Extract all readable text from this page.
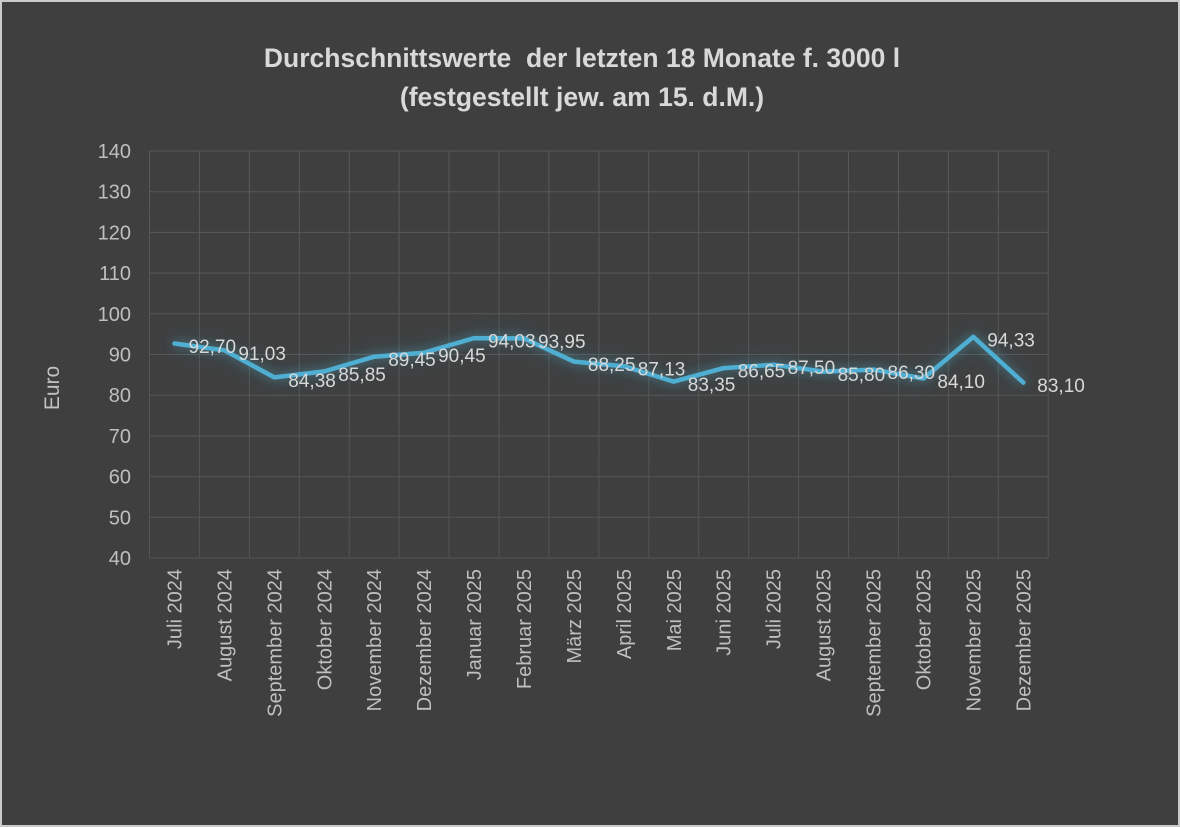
Durchschnittswerte  der letzten 18 Monate f. 3000 l
(festgestellt jew. am 15. d.M.)
Euro
40
50
60
70
80
90
100
110
120
130
140
Juli 2024 August 2024 September 2024 Oktober 2024 November 2024 Dezember 2024 Januar 2025 Februar 2025 März 2025 April 2025 Mai 2025 Juni 2025 Juli 2025 August 2025 September 2025 Oktober 2025 November 2025 Dezember 2025
92,70 91,03
84,38 85,85
89,45 90,45
94,03 93,95
88,25 87,13
83,35
86,65 87,50 85,80 86,30 84,10
94,33
83,10
